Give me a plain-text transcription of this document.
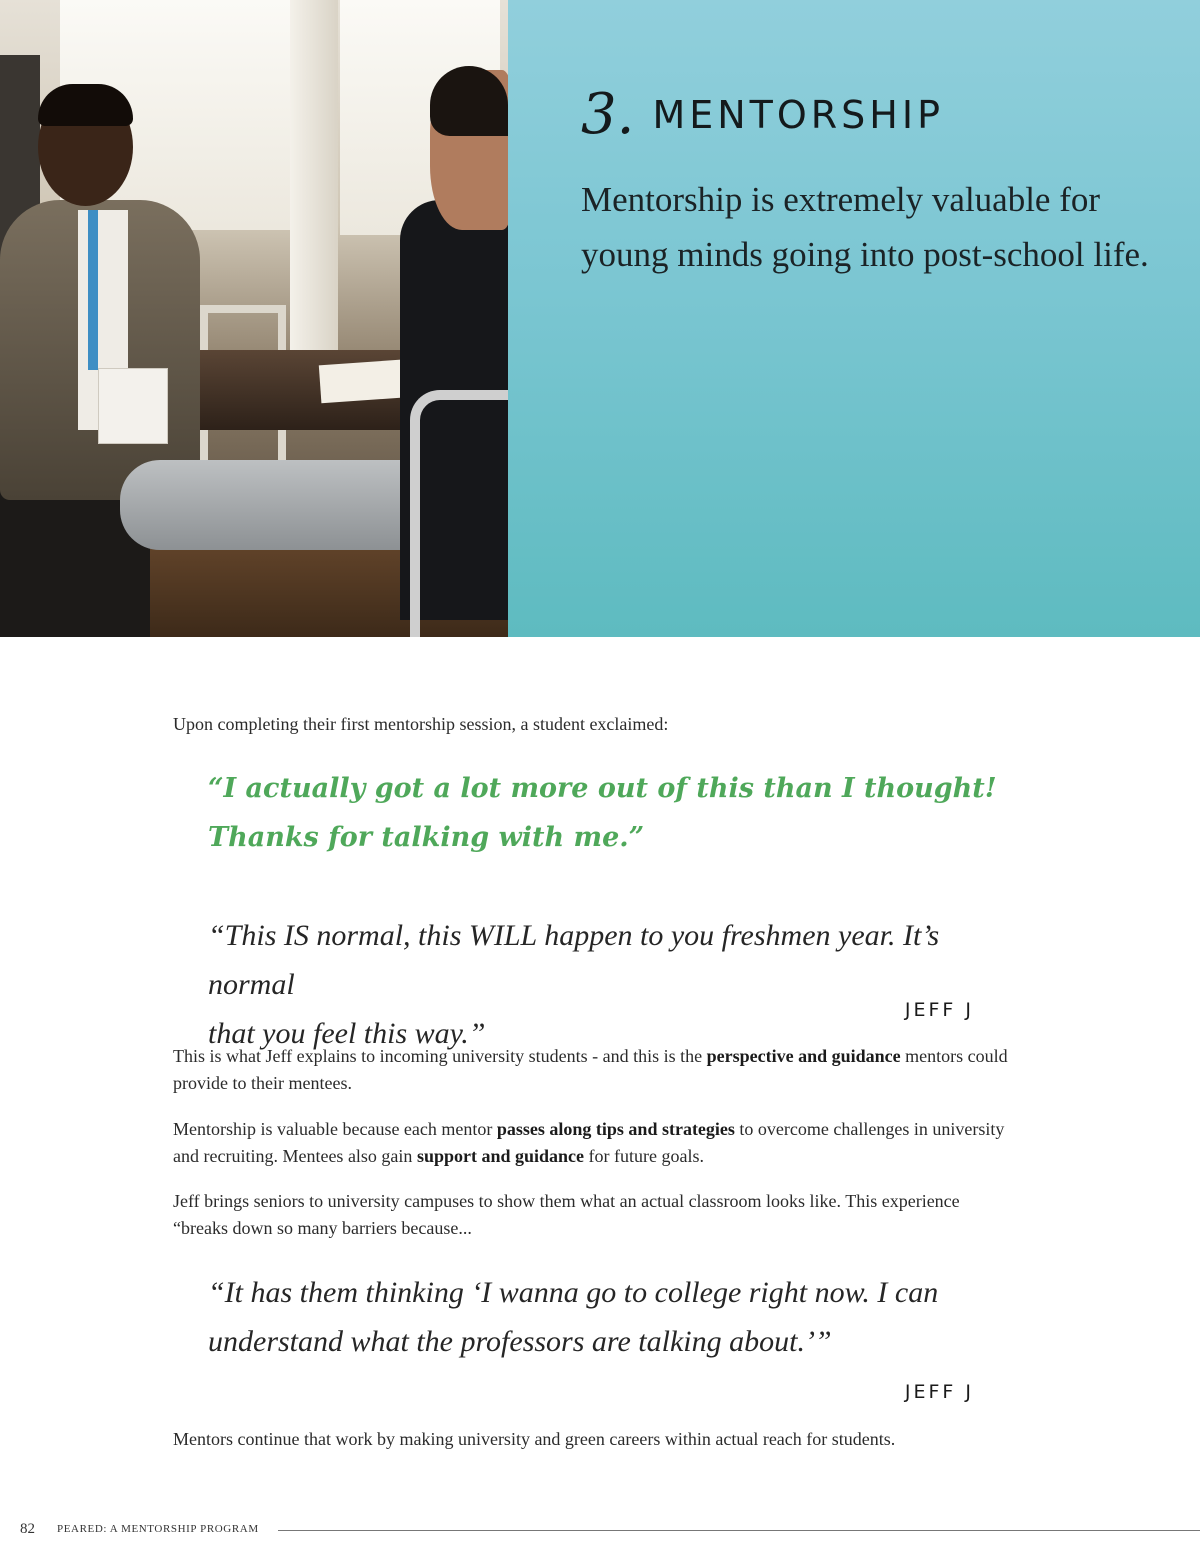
3. MENTORSHIP

Mentorship is extremely valuable for young minds going into post-school life.

Upon completing their first mentorship session, a student exclaimed:

“I actually got a lot more out of this than I thought!
Thanks for talking with me.”
“This IS normal, this WILL happen to you freshmen year. It’s normal
that you feel this way.”

JEFF J

This is what Jeff explains to incoming university students - and this is the perspective and guidance mentors could provide to their mentees.

Mentorship is valuable because each mentor passes along tips and strategies to overcome challenges in university and recruiting. Mentees also gain support and guidance for future goals.

Jeff brings seniors to university campuses to show them what an actual classroom looks like. This experience “breaks down so many barriers because...

“It has them thinking ‘I wanna go to college right now. I can
understand what the professors are talking about.’”

JEFF J

Mentors continue that work by making university and green careers within actual reach for students.

82 PEARED: A MENTORSHIP PROGRAM
